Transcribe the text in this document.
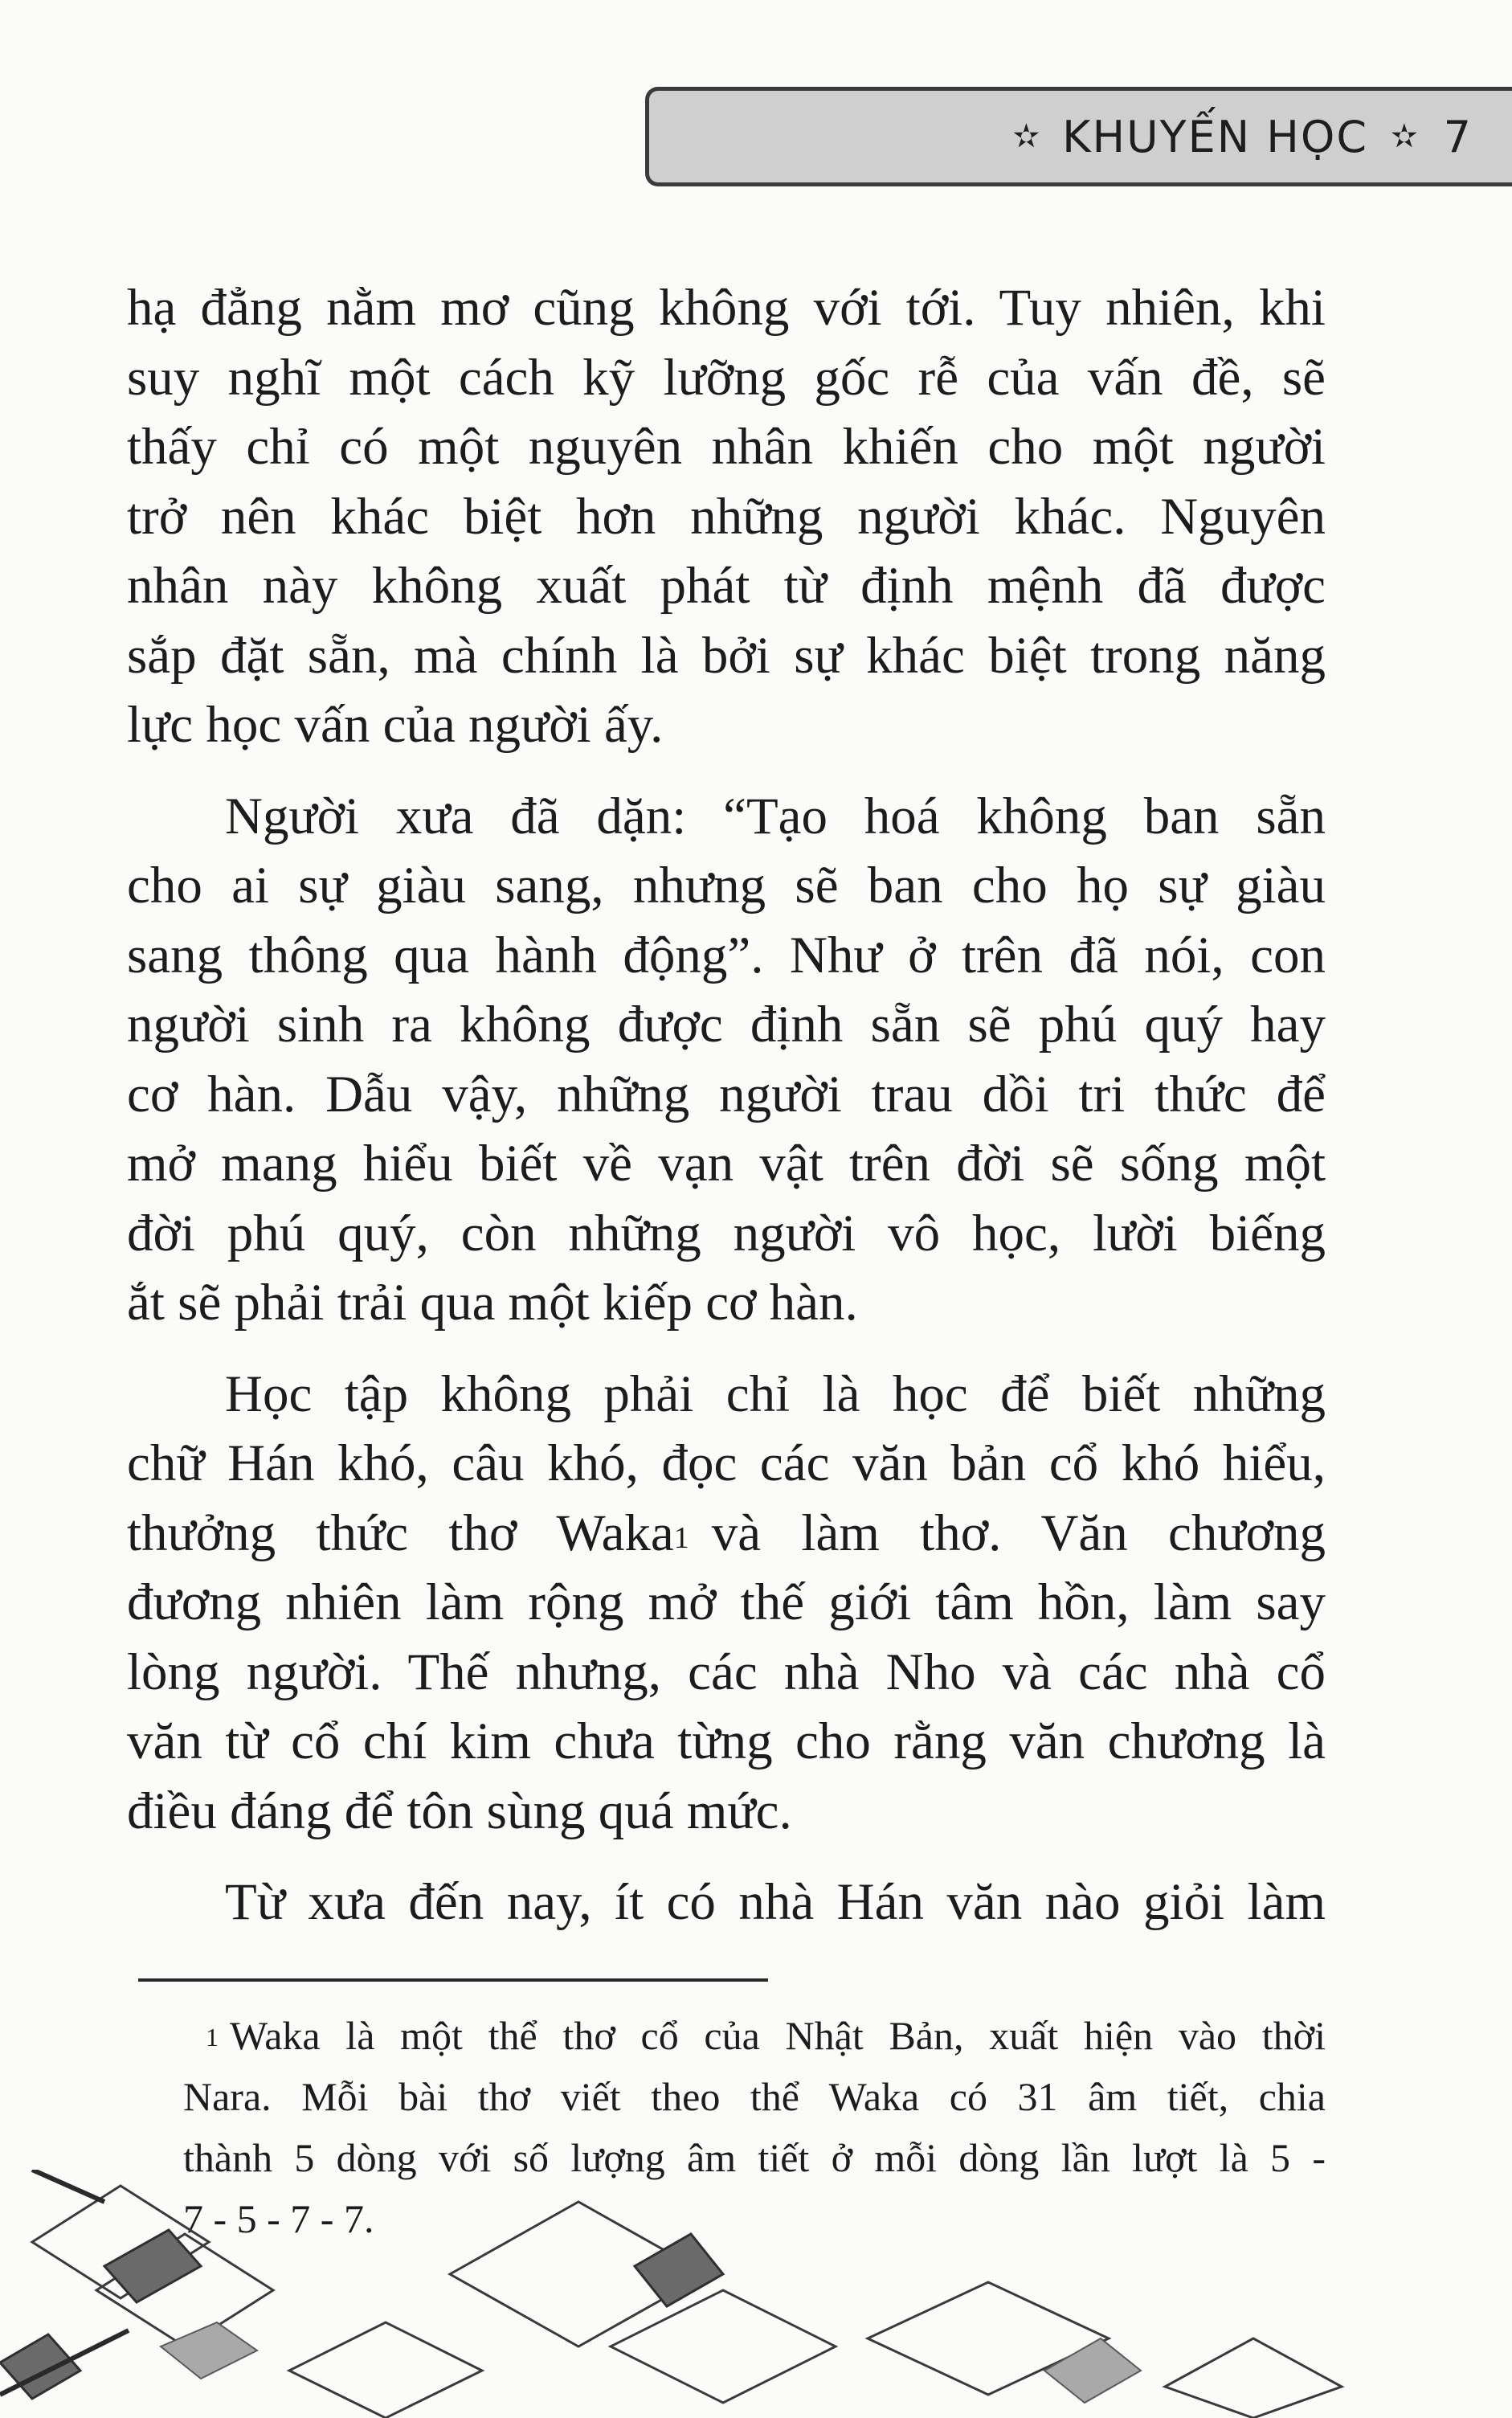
✫ KHUYẾN HỌC ✫ 7
hạ đẳng nằm mơ cũng không với tới. Tuy nhiên, khi
suy nghĩ một cách kỹ lưỡng gốc rễ của vấn đề, sẽ
thấy chỉ có một nguyên nhân khiến cho một người
trở nên khác biệt hơn những người khác. Nguyên
nhân này không xuất phát từ định mệnh đã được
sắp đặt sẵn, mà chính là bởi sự khác biệt trong năng
lực học vấn của người ấy.
Người xưa đã dặn: “Tạo hoá không ban sẵn
cho ai sự giàu sang, nhưng sẽ ban cho họ sự giàu
sang thông qua hành động”. Như ở trên đã nói, con
người sinh ra không được định sẵn sẽ phú quý hay
cơ hàn. Dẫu vậy, những người trau dồi tri thức để
mở mang hiểu biết về vạn vật trên đời sẽ sống một
đời phú quý, còn những người vô học, lười biếng
ắt sẽ phải trải qua một kiếp cơ hàn.
Học tập không phải chỉ là học để biết những
chữ Hán khó, câu khó, đọc các văn bản cổ khó hiểu,
thưởng thức thơ Waka$^1$ và làm thơ. Văn chương
đương nhiên làm rộng mở thế giới tâm hồn, làm say
lòng người. Thế nhưng, các nhà Nho và các nhà cổ
văn từ cổ chí kim chưa từng cho rằng văn chương là
điều đáng để tôn sùng quá mức.
Từ xưa đến nay, ít có nhà Hán văn nào giỏi làm
$^1$ Waka là một thể thơ cổ của Nhật Bản, xuất hiện vào thời
Nara. Mỗi bài thơ viết theo thể Waka có 31 âm tiết, chia
thành 5 dòng với số lượng âm tiết ở mỗi dòng lần lượt là 5 -
7 - 5 - 7 - 7.
